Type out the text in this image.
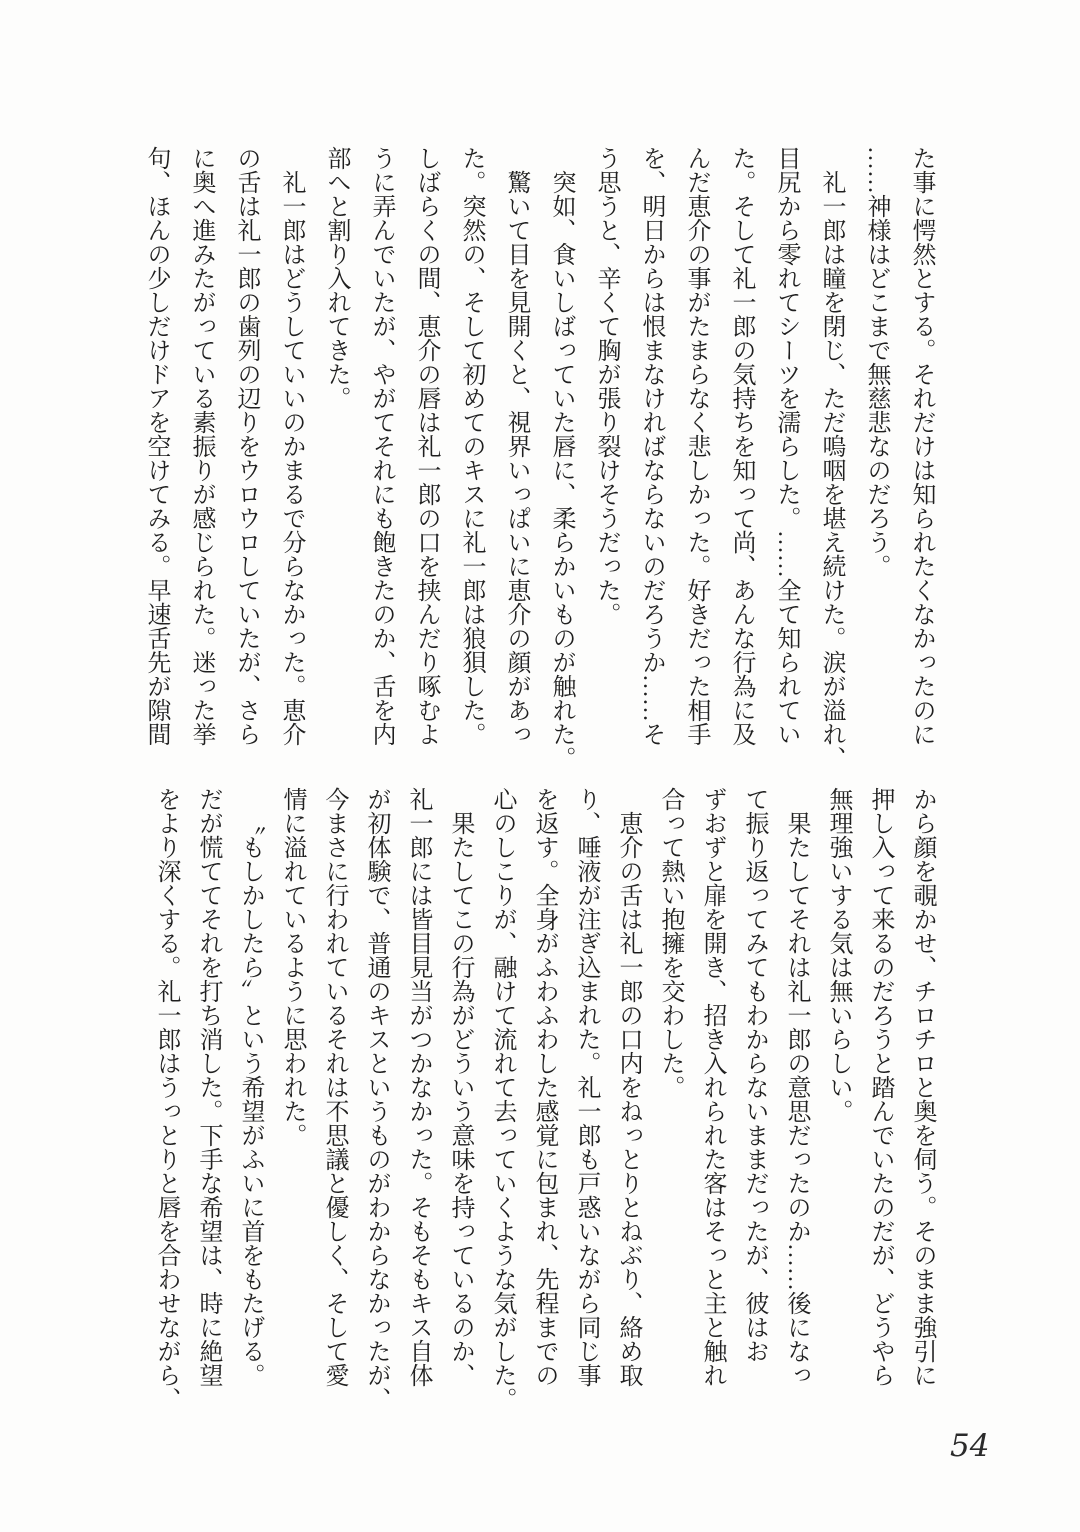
た事に愕然とする。それだけは知られたくなかったのに
……神様はどこまで無慈悲なのだろう。
礼一郎は瞳を閉じ、ただ嗚咽を堪え続けた。涙が溢れ、
目尻から零れてシーツを濡らした。……全て知られてい
た。そして礼一郎の気持ちを知って尚、あんな行為に及
んだ恵介の事がたまらなく悲しかった。好きだった相手
を、明日からは恨まなければならないのだろうか……そ
う思うと、辛くて胸が張り裂けそうだった。
突如、食いしばっていた唇に、柔らかいものが触れた。
驚いて目を見開くと、視界いっぱいに恵介の顔があっ
た。突然の、そして初めてのキスに礼一郎は狼狽した。
しばらくの間、恵介の唇は礼一郎の口を挟んだり啄むよ
うに弄んでいたが、やがてそれにも飽きたのか、舌を内
部へと割り入れてきた。
礼一郎はどうしていいのかまるで分らなかった。恵介
の舌は礼一郎の歯列の辺りをウロウロしていたが、さら
に奥へ進みたがっている素振りが感じられた。迷った挙
句、ほんの少しだけドアを空けてみる。早速舌先が隙間
から顔を覗かせ、チロチロと奥を伺う。そのまま強引に
押し入って来るのだろうと踏んでいたのだが、どうやら
無理強いする気は無いらしい。
果たしてそれは礼一郎の意思だったのか……後になっ
て振り返ってみてもわからないままだったが、彼はお
ずおずと扉を開き、招き入れられた客はそっと主と触れ
合って熱い抱擁を交わした。
恵介の舌は礼一郎の口内をねっとりとねぶり、絡め取
り、唾液が注ぎ込まれた。礼一郎も戸惑いながら同じ事
を返す。全身がふわふわした感覚に包まれ、先程までの
心のしこりが、融けて流れて去っていくような気がした。
果たしてこの行為がどういう意味を持っているのか、
礼一郎には皆目見当がつかなかった。そもそもキス自体
が初体験で、普通のキスというものがわからなかったが、
今まさに行われているそれは不思議と優しく、そして愛
情に溢れているように思われた。
〝もしかしたら〟という希望がふいに首をもたげる。
だが慌ててそれを打ち消した。下手な希望は、時に絶望
をより深くする。礼一郎はうっとりと唇を合わせながら、
54
